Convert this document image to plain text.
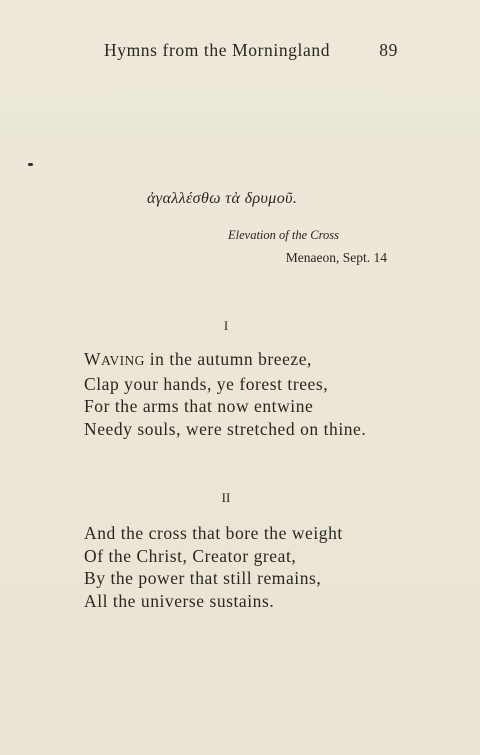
Hymns from the Morningland	89
ἀγαλλέσθω τὰ δρυμοῦ.
Elevation of the Cross
Menaeon, Sept. 14
I
WAVING in the autumn breeze,
Clap your hands, ye forest trees,
For the arms that now entwine
Needy souls, were stretched on thine.
II
And the cross that bore the weight
Of the Christ, Creator great,
By the power that still remains,
All the universe sustains.
